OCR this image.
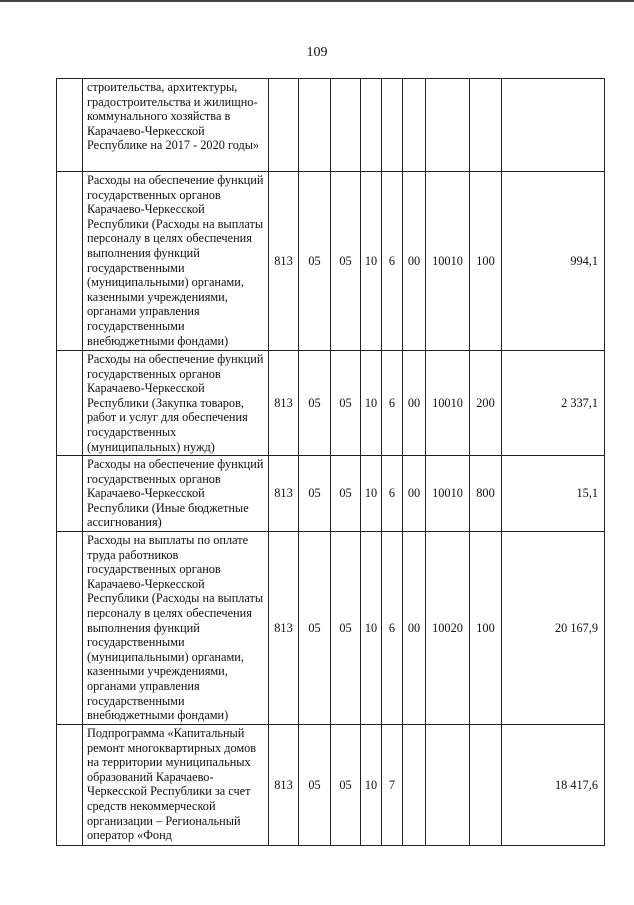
109
	строительства, архитектуры, градостроительства и жилищно-коммунального хозяйства в Карачаево-Черкесской Республике на 2017 - 2020 годы»									
	Расходы на обеспечение функций государственных органов Карачаево-Черкесской Республики (Расходы на выплаты персоналу в целях обеспечения выполнения функций государственными (муниципальными) органами, казенными учреждениями, органами управления государственными внебюджетными фондами)	813	05	05	10	6	00	10010	100	994,1
	Расходы на обеспечение функций государственных органов Карачаево-Черкесской Республики (Закупка товаров, работ и услуг для обеспечения государственных (муниципальных) нужд)	813	05	05	10	6	00	10010	200	2 337,1
	Расходы на обеспечение функций государственных органов Карачаево-Черкесской Республики (Иные бюджетные ассигнования)	813	05	05	10	6	00	10010	800	15,1
	Расходы на выплаты по оплате труда работников государственных органов Карачаево-Черкесской Республики (Расходы на выплаты персоналу в целях обеспечения выполнения функций государственными (муниципальными) органами, казенными учреждениями, органами управления государственными внебюджетными фондами)	813	05	05	10	6	00	10020	100	20 167,9
	Подпрограмма «Капитальный ремонт многоквартирных домов на территории муниципальных образований Карачаево-Черкесской Республики за счет средств некоммерческой организации – Региональный оператор «Фонд	813	05	05	10	7				18 417,6
